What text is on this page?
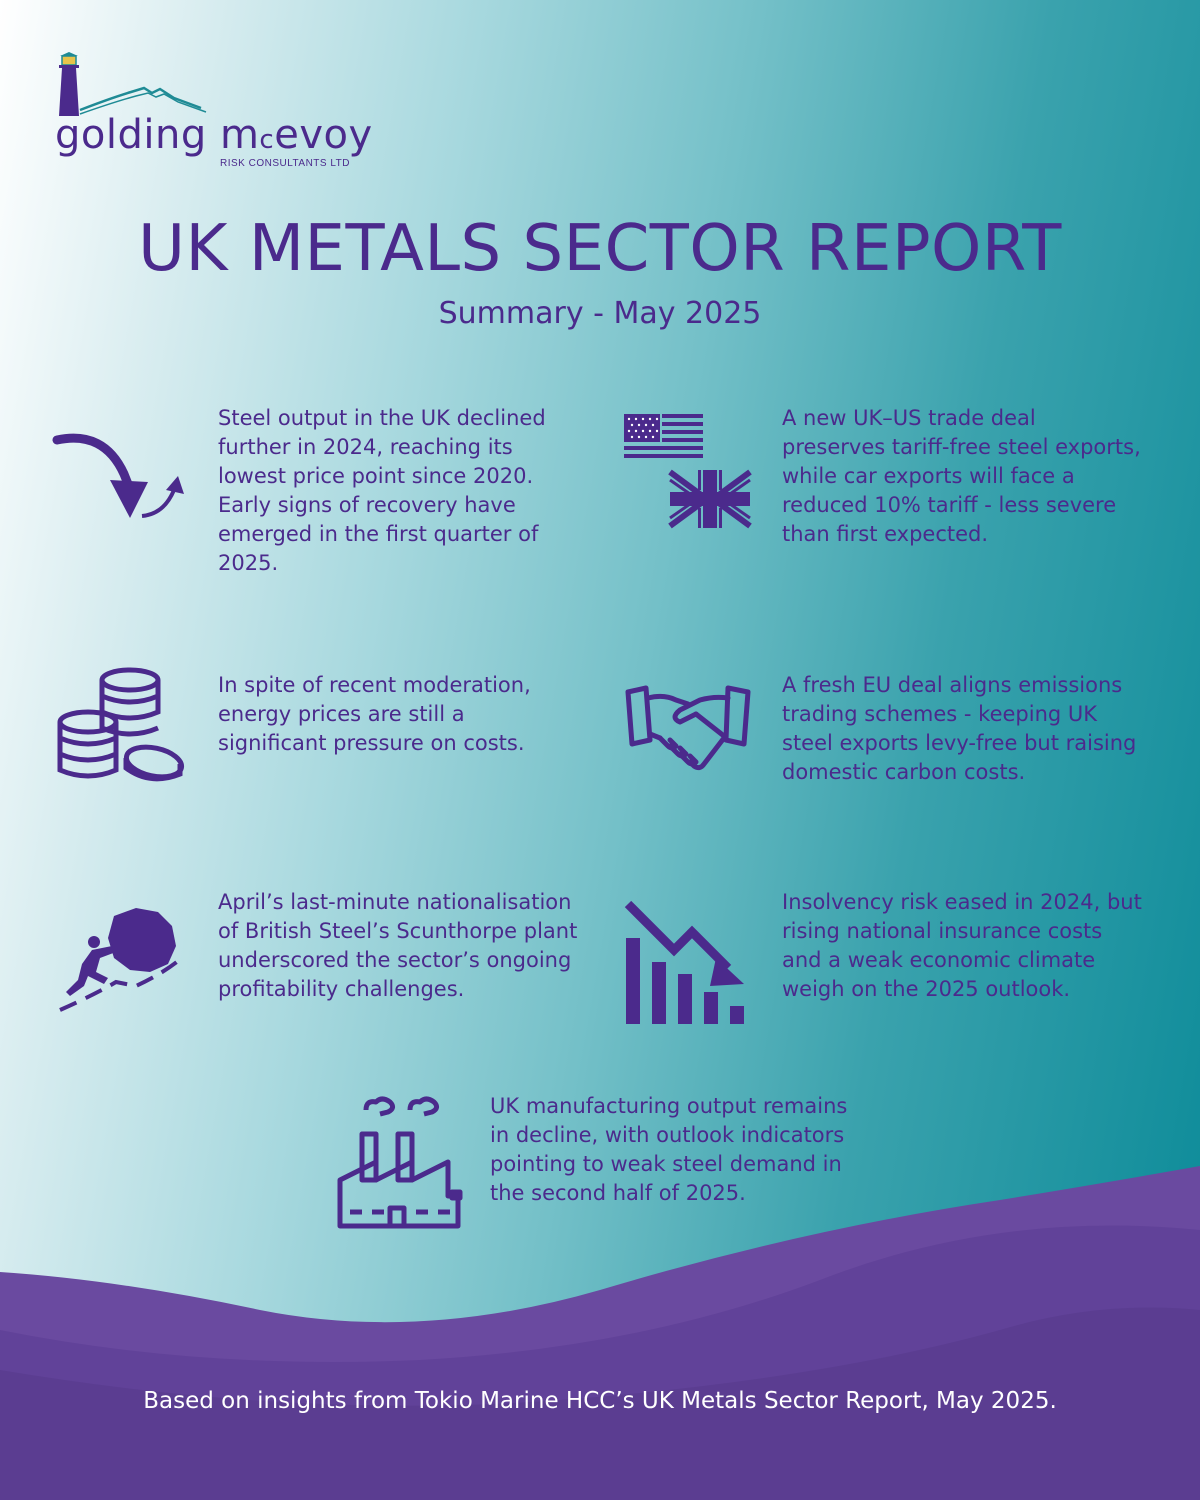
golding mcevoy
RISK CONSULTANTS LTD
UK METALS SECTOR REPORT
Summary - May 2025
Steel output in the UK declined further in 2024, reaching its lowest price point since 2020. Early signs of recovery have emerged in the first quarter of 2025.
A new UK–US trade deal preserves tariff-free steel exports, while car exports will face a reduced 10% tariff - less severe than first expected.
In spite of recent moderation, energy prices are still a significant pressure on costs.
A fresh EU deal aligns emissions trading schemes - keeping UK steel exports levy-free but raising domestic carbon costs.
April’s last-minute nationalisation of British Steel’s Scunthorpe plant underscored the sector’s ongoing profitability challenges.
Insolvency risk eased in 2024, but rising national insurance costs and a weak economic climate weigh on the 2025 outlook.
UK manufacturing output remains in decline, with outlook indicators pointing to weak steel demand in the second half of 2025.
Based on insights from Tokio Marine HCC’s UK Metals Sector Report, May 2025.
